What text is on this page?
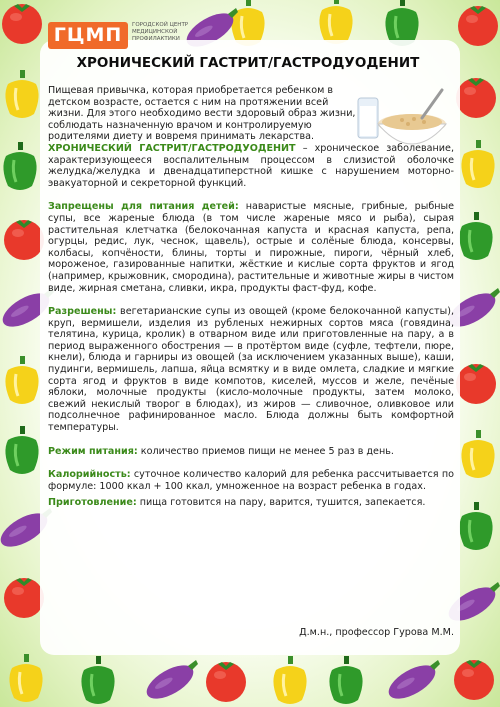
ГЦМП	ГОРОДСКОЙ ЦЕНТР
МЕДИЦИНСКОЙ
ПРОФИЛАКТИКИ
ХРОНИЧЕСКИЙ ГАСТРИТ/ГАСТРОДУОДЕНИТ

Пищевая привычка, которая приобретается ребенком в детском возрасте, остается с ним на протяжении всей жизни. Для этого необходимо вести здоровый образ жизни, соблюдать назначенную врачом и контролируемую родителями диету и вовремя принимать лекарства.

ХРОНИЧЕСКИЙ ГАСТРИТ/ГАСТРОДУОДЕНИТ – хроническое заболевание, характеризующееся воспалительным процессом в слизистой оболочке желудка/желудка и двенадцатиперстной кишке с нарушением моторно-эвакуаторной и секреторной функций.

Запрещены для питания детей: наваристые мясные, грибные, рыбные супы, все жареные блюда (в том числе жареные мясо и рыба), сырая растительная клетчатка (белокочанная капуста и красная капуста, репа, огурцы, редис, лук, чеснок, щавель), острые и солёные блюда, консервы, колбасы, копчёности, блины, торты и пирожные, пироги, чёрный хлеб, мороженое, газированные напитки, жёсткие и кислые сорта фруктов и ягод (например, крыжовник, смородина), растительные и животные жиры в чистом виде, жирная сметана, сливки, икра, продукты фаст-фуд, кофе.

Разрешены: вегетарианские супы из овощей (кроме белокочанной капусты), круп, вермишели, изделия из рубленых нежирных сортов мяса (говядина, телятина, курица, кролик) в отварном виде или приготовленные на пару, а в период выраженного обострения — в протёртом виде (суфле, тефтели, пюре, кнели), блюда и гарниры из овощей (за исключением указанных выше), каши, пудинги, вермишель, лапша, яйца всмятку и в виде омлета, сладкие и мягкие сорта ягод и фруктов в виде компотов, киселей, муссов и желе, печёные яблоки, молочные продукты (кисло-молочные продукты, затем молоко, свежий некислый творог в блюдах), из жиров — сливочное, оливковое или подсолнечное рафинированное масло. Блюда должны быть комфортной температуры.

Режим питания: количество приемов пищи не менее 5 раз в день.

Калорийность: суточное количество калорий для ребенка рассчитывается по формуле: 1000 ккал + 100 ккал, умноженное на возраст ребенка в годах.

Приготовление: пища готовится на пару, варится, тушится, запекается.

Д.м.н., профессор Гурова М.М.
